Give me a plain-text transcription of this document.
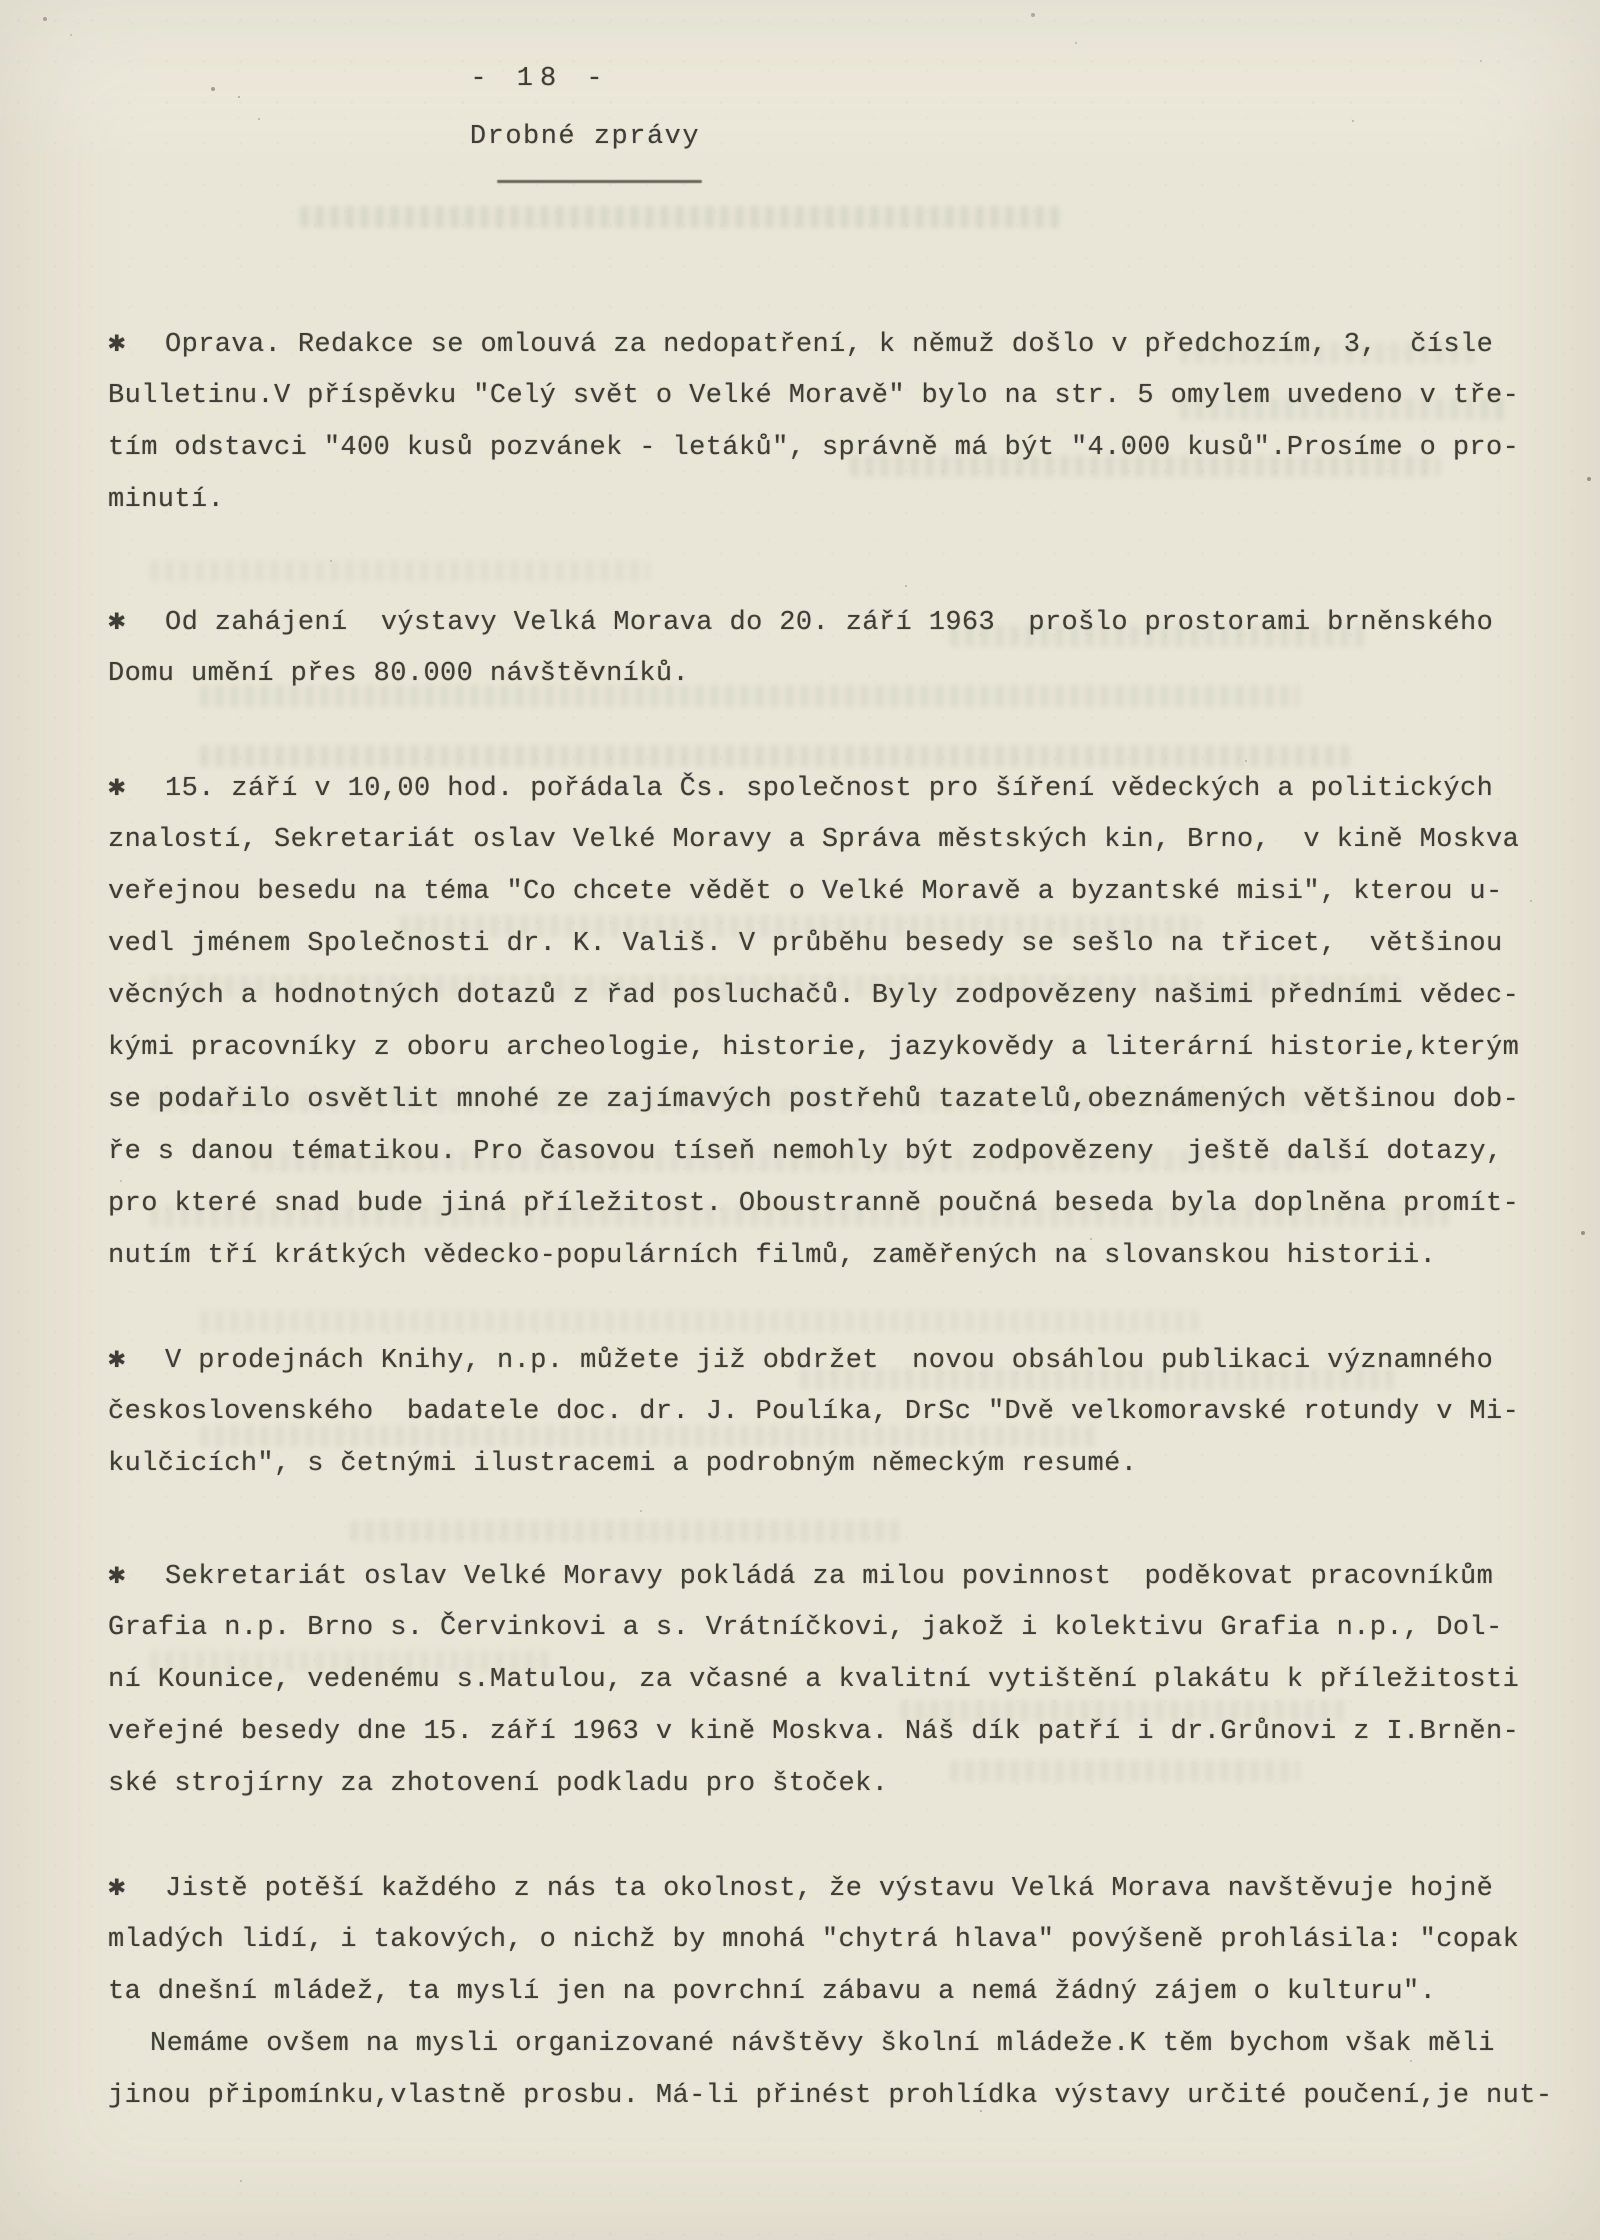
- 18 -
Drobné zprávy
✱ Oprava. Redakce se omlouvá za nedopatření, k němuž došlo v předchozím, 3,  čísle
Bulletinu.V příspěvku "Celý svět o Velké Moravě" bylo na str. 5 omylem uvedeno v tře-
tím odstavci "400 kusů pozvánek - letáků", správně má být "4.000 kusů".Prosíme o pro-
minutí.
✱ Od zahájení  výstavy Velká Morava do 20. září 1963  prošlo prostorami brněnského
Domu umění přes 80.000 návštěvníků.
✱ 15. září v 10,00 hod. pořádala Čs. společnost pro šíření vědeckých a politických
znalostí, Sekretariát oslav Velké Moravy a Správa městských kin, Brno,  v kině Moskva
veřejnou besedu na téma "Co chcete vědět o Velké Moravě a byzantské misi", kterou u-
vedl jménem Společnosti dr. K. Vališ. V průběhu besedy se sešlo na třicet,  většinou
věcných a hodnotných dotazů z řad posluchačů. Byly zodpovězeny našimi předními vědec-
kými pracovníky z oboru archeologie, historie, jazykovědy a literární historie,kterým
se podařilo osvětlit mnohé ze zajímavých postřehů tazatelů,obeznámených většinou dob-
ře s danou tématikou. Pro časovou tíseň nemohly být zodpovězeny  ještě další dotazy,
pro které snad bude jiná příležitost. Oboustranně poučná beseda byla doplněna promít-
nutím tří krátkých vědecko-populárních filmů, zaměřených na slovanskou historii.
✱ V prodejnách Knihy, n.p. můžete již obdržet  novou obsáhlou publikaci významného
československého  badatele doc. dr. J. Poulíka, DrSc "Dvě velkomoravské rotundy v Mi-
kulčicích", s četnými ilustracemi a podrobným německým resumé.
✱ Sekretariát oslav Velké Moravy pokládá za milou povinnost  poděkovat pracovníkům
Grafia n.p. Brno s. Červinkovi a s. Vrátníčkovi, jakož i kolektivu Grafia n.p., Dol-
ní Kounice, vedenému s.Matulou, za včasné a kvalitní vytištění plakátu k příležitosti
veřejné besedy dne 15. září 1963 v kině Moskva. Náš dík patří i dr.Grůnovi z I.Brněn-
ské strojírny za zhotovení podkladu pro štoček.
✱ Jistě potěší každého z nás ta okolnost, že výstavu Velká Morava navštěvuje hojně
mladých lidí, i takových, o nichž by mnohá "chytrá hlava" povýšeně prohlásila: "copak
ta dnešní mládež, ta myslí jen na povrchní zábavu a nemá žádný zájem o kulturu".
Nemáme ovšem na mysli organizované návštěvy školní mládeže.K těm bychom však měli
jinou připomínku,vlastně prosbu. Má-li přinést prohlídka výstavy určité poučení,je nut-
